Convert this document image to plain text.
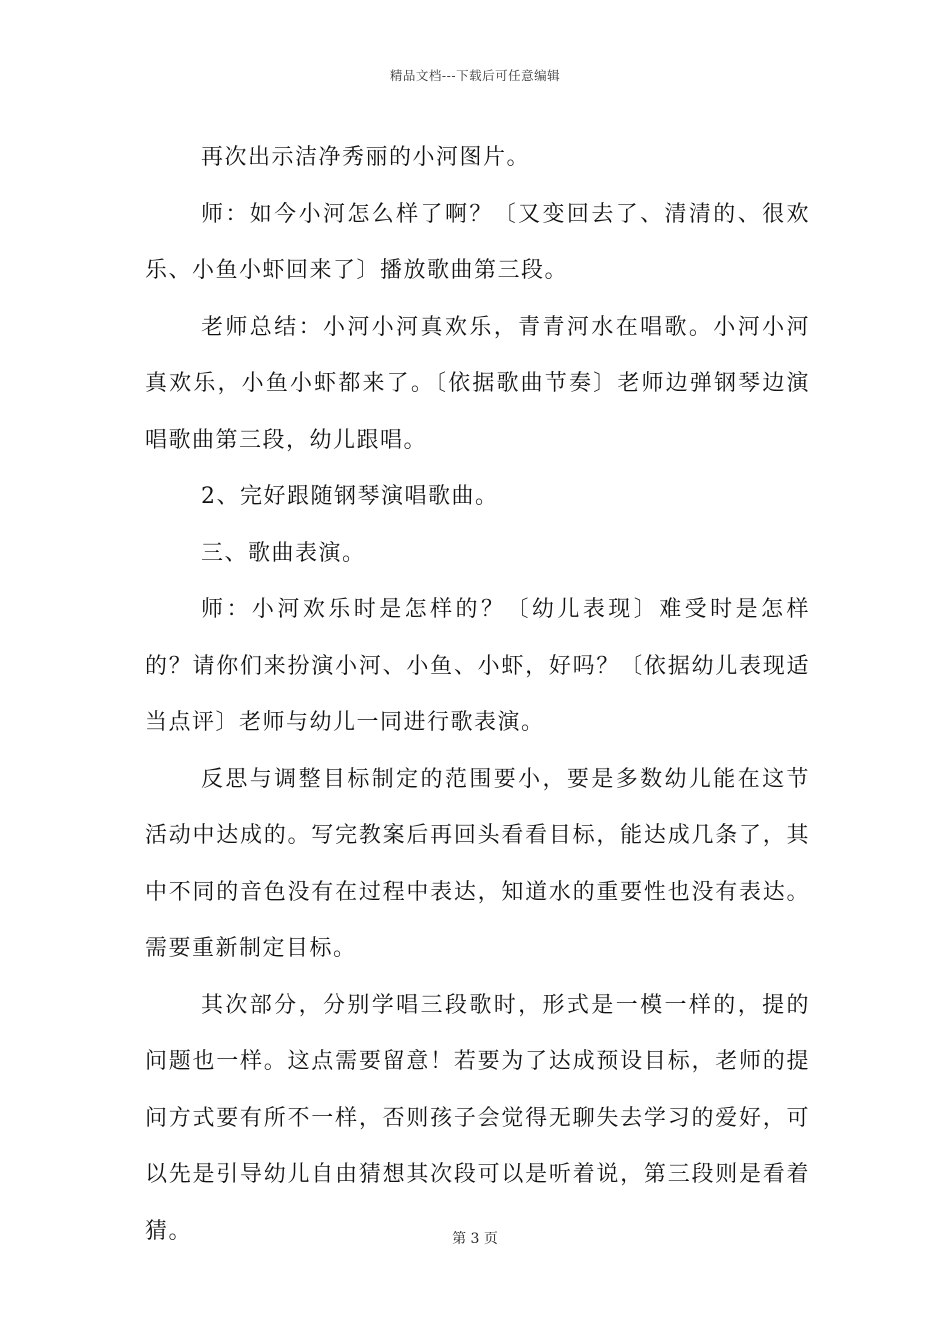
精品文档---下载后可任意编辑

再次出示洁净秀丽的小河图片。

师：如今小河怎么样了啊？〔又变回去了、清清的、很欢乐、小鱼小虾回来了〕播放歌曲第三段。

老师总结：小河小河真欢乐，青青河水在唱歌。小河小河真欢乐，小鱼小虾都来了。〔依据歌曲节奏〕老师边弹钢琴边演唱歌曲第三段，幼儿跟唱。

2、完好跟随钢琴演唱歌曲。

三、歌曲表演。

师：小河欢乐时是怎样的？〔幼儿表现〕难受时是怎样的？请你们来扮演小河、小鱼、小虾，好吗？〔依据幼儿表现适当点评〕老师与幼儿一同进行歌表演。

反思与调整目标制定的范围要小，要是多数幼儿能在这节活动中达成的。写完教案后再回头看看目标，能达成几条了，其中不同的音色没有在过程中表达，知道水的重要性也没有表达。需要重新制定目标。

其次部分，分别学唱三段歌时，形式是一模一样的，提的问题也一样。这点需要留意！若要为了达成预设目标，老师的提问方式要有所不一样，否则孩子会觉得无聊失去学习的爱好，可以先是引导幼儿自由猜想其次段可以是听着说，第三段则是看着猜。	第 3 页
